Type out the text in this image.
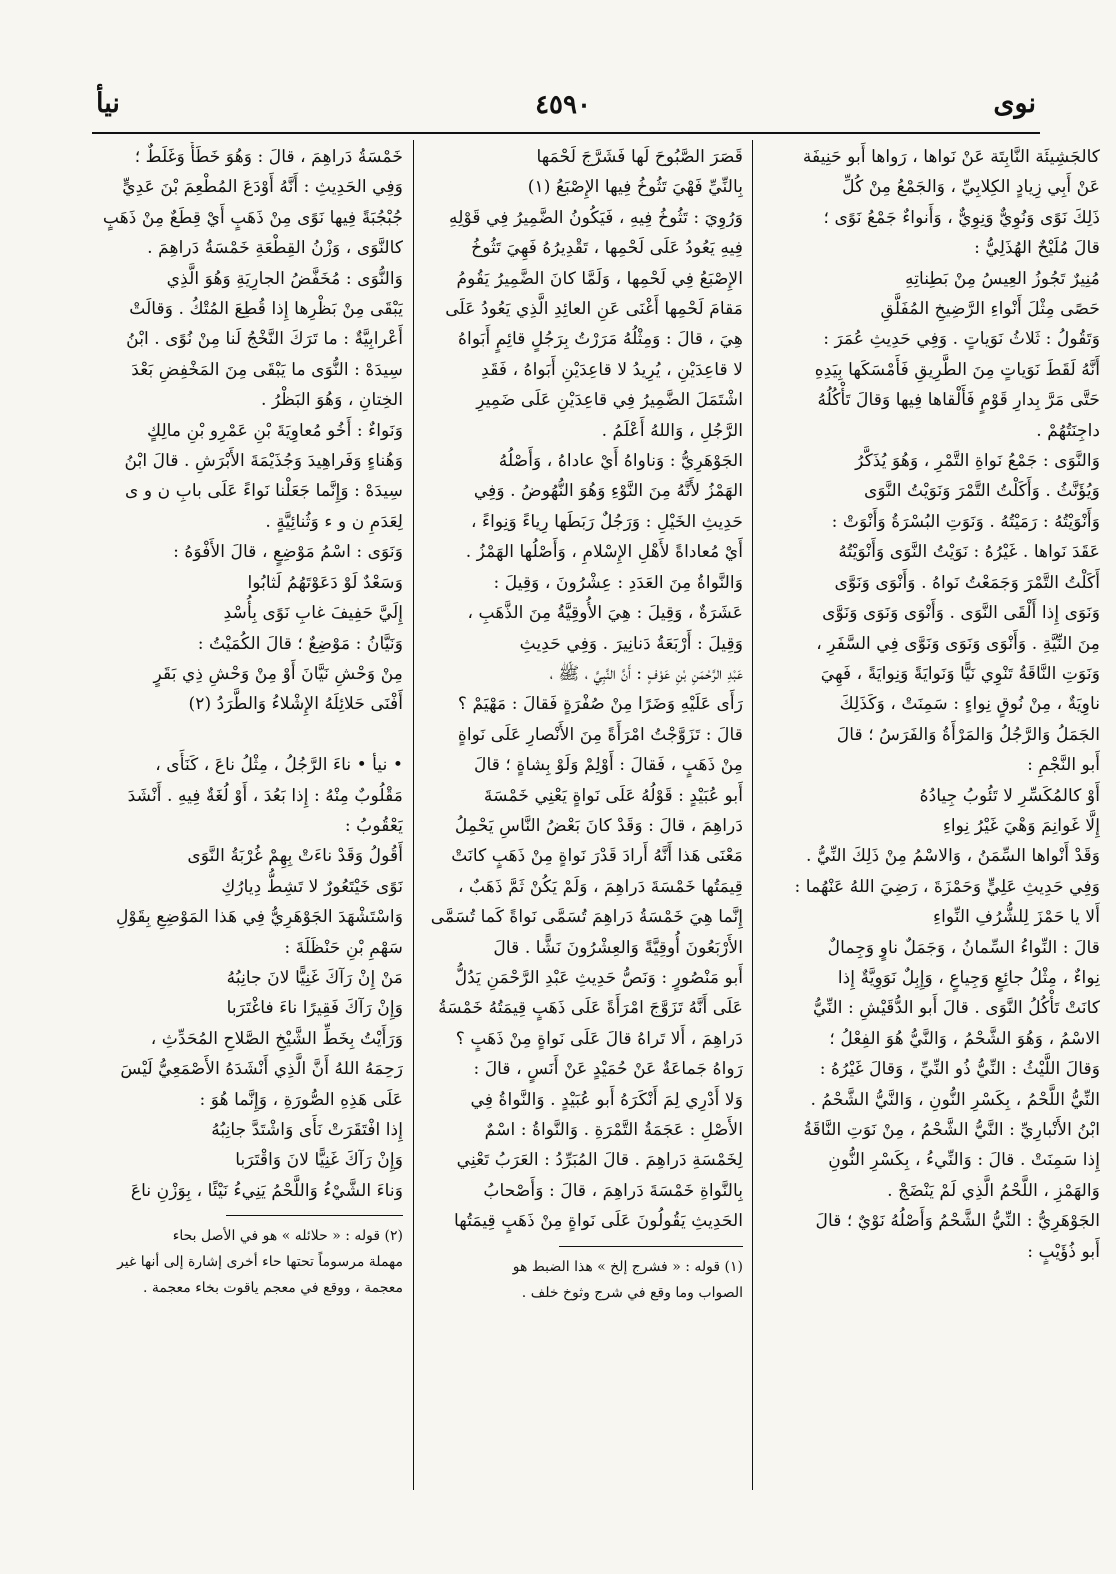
نيأ	٤٥٩٠	نوى

كالجَشِيئَة النَّابِتَة عَنْ نَواها ، رَواها أَبو حَنِيفَة
عَنْ أَبِي زِيادٍ الكِلابِيِّ ، وَالجَمْعُ مِنْ كُلِّ
ذَلِكَ نَوًى وَنُوِيٌّ وَنِوِيٌّ ، وَأَنواءٌ جَمْعُ نَوًى ؛
قالَ مُلَيْحٌ الهُذَلِيُّ :
مُنِيرٌ تَجُوزُ العِيسُ مِنْ بَطِناتِهِ
حَصًى مِثْلَ أَنْواءِ الرَّضِيخِ المُفَلَّقِ
وَتَقُولُ : ثَلاثُ نَوَياتٍ . وَفِي حَدِيثِ عُمَرَ :
أَنَّهُ لَقَطَ نَوَياتٍ مِنَ الطَّرِيقِ فَأَمْسَكَها بِيَدِهِ
حَتَّى مَرَّ بِدارِ قَوْمٍ فَأَلْقاها فِيها وَقالَ تَأْكُلُهُ
داجِنَتُهُمْ .
وَالنَّوَى : جَمْعُ نَواةِ التَّمْرِ ، وَهُوَ يُذَكَّرُ
وَيُؤَنَّثُ . وَأَكَلْتُ التَّمْرَ وَنَوَيْتُ النَّوَى
وَأَنْوَيْتُهُ : رَمَيْتُهُ . وَنَوَتِ البُسْرَةُ وَأَنْوَتْ :
عَقَدَ نَواها . غَيْرُهُ : نَوَيْتُ النَّوَى وَأَنْوَيْتُهُ
أَكَلْتُ التَّمْرَ وَجَمَعْتُ نَواهُ . وَأَنْوَى وَنَوَّى
وَنَوَى إِذا أَلْقَى النَّوَى . وَأَنْوَى وَنَوَى وَنَوَّى
مِنَ النِّيَّةِ . وَأَنْوَى وَنَوَى وَنَوَّى فِي السَّفَرِ ،
وَنَوَتِ النَّاقَةُ تَنْوِي نَيًّا وَنَوايَةً وَنِوايَةً ، فَهِيَ
ناوِيَةٌ ، مِنْ نُوقٍ نِواءٍ : سَمِنَتْ ، وَكَذَلِكَ
الجَمَلُ وَالرَّجُلُ وَالمَرْأَةُ وَالفَرَسُ ؛ قالَ
أَبو النَّجْمِ :
أَوْ كالمُكَسِّرِ لا تَئُوبُ جِيادُهُ
إِلَّا غَوانِمَ وَهْيَ غَيْرُ نِواءِ
وَقَدْ أَنْواها السِّمَنُ ، وَالاسْمُ مِنْ ذَلِكَ النِّيُّ .
وَفِي حَدِيثِ عَلِيٍّ وَحَمْزَةَ ، رَضِيَ اللهُ عَنْهُما :
أَلا يا حَمْزَ لِلشُّرُفِ النِّواءِ
قالَ : النِّواءُ السِّمانُ ، وَجَمَلٌ ناوٍ وَجِمالٌ
نِواءٌ ، مِثْلُ جائِعٍ وَجِياعٍ ، وَإِبِلٌ نَوَوِيَّةٌ إِذا
كانَتْ تَأْكُلُ النَّوَى . قالَ أَبو الدُّقَيْشِ : النِّيُّ
الاسْمُ ، وَهُوَ الشَّحْمُ ، وَالنَّيُّ هُوَ الفِعْلُ ؛
وَقالَ اللَّيْثُ : النِّيُّ ذُو النِّيِّ ، وَقالَ غَيْرُهُ :
النِّيُّ اللَّحْمُ ، بِكَسْرِ النُّونِ ، وَالنَّيُّ الشَّحْمُ .
ابْنُ الأَنْبارِيِّ : النَّيُّ الشَّحْمُ ، مِنْ نَوَتِ النَّاقَةُ
إِذا سَمِنَتْ . قالَ : وَالنِّيءُ ، بِكَسْرِ النُّونِ
وَالهَمْزِ ، اللَّحْمُ الَّذِي لَمْ يَنْضَجْ .
الجَوْهَرِيُّ : النِّيُّ الشَّحْمُ وَأَصْلُهُ نَوْيٌ ؛ قالَ
أَبو ذُؤَيْبٍ :

قَصَرَ الصَّبُوحَ لَها فَشَرَّجَ لَحْمَها
بِالنِّيِّ فَهْيَ تَثُوخُ فِيها الإِصْبَعُ (١)
وَرُوِيَ : تَثُوخُ فِيهِ ، فَيَكُونُ الضَّمِيرُ فِي قَوْلِهِ
فِيهِ يَعُودُ عَلَى لَحْمِها ، تَقْدِيرُهُ فَهِيَ تَثُوخُ
الإِصْبَعُ فِي لَحْمِها ، وَلَمَّا كانَ الضَّمِيرُ يَقُومُ
مَقامَ لَحْمِها أَغْنَى عَنِ العائِدِ الَّذِي يَعُودُ عَلَى
هِيَ ، قالَ : وَمِثْلُهُ مَرَرْتُ بِرَجُلٍ قائِمٍ أَبَواهُ
لا قاعِدَيْنِ ، يُرِيدُ لا قاعِدَيْنِ أَبَواهُ ، فَقَدِ
اشْتَمَلَ الضَّمِيرُ فِي قاعِدَيْنِ عَلَى ضَمِيرِ
الرَّجُلِ ، وَاللهُ أَعْلَمُ .
الجَوْهَرِيُّ : وَناواهُ أَيْ عاداهُ ، وَأَصْلُهُ
الهَمْزُ لأَنَّهُ مِنَ النَّوْءِ وَهُوَ النُّهُوضُ . وَفِي
حَدِيثِ الخَيْلِ : وَرَجُلٌ رَبَطَها رِياءً وَنِواءً ،
أَيْ مُعاداةً لأَهْلِ الإِسْلامِ ، وَأَصْلُها الهَمْزُ .
وَالنَّواةُ مِنَ العَدَدِ : عِشْرُونَ ، وَقِيلَ :
عَشَرَةٌ ، وَقِيلَ : هِيَ الأُوقِيَّةُ مِنَ الذَّهَبِ ،
وَقِيلَ : أَرْبَعَةُ دَنانِيرَ . وَفِي حَدِيثِ
عَبْدِ الرَّحْمَنِ بْنِ عَوْفٍ : أَنَّ النَّبِيَّ ، ﷺ ،
رَأَى عَلَيْهِ وَضَرًا مِنْ صُفْرَةٍ فَقالَ : مَهْيَمْ ؟
قالَ : تَزَوَّجْتُ امْرَأَةً مِنَ الأَنْصارِ عَلَى نَواةٍ
مِنْ ذَهَبٍ ، فَقالَ : أَوْلِمْ وَلَوْ بِشاةٍ ؛ قالَ
أَبو عُبَيْدٍ : قَوْلُهُ عَلَى نَواةٍ يَعْنِي خَمْسَةَ
دَراهِمَ ، قالَ : وَقَدْ كانَ بَعْضُ النَّاسِ يَحْمِلُ
مَعْنَى هَذا أَنَّهُ أَرادَ قَدْرَ نَواةٍ مِنْ ذَهَبٍ كانَتْ
قِيمَتُها خَمْسَةَ دَراهِمَ ، وَلَمْ يَكُنْ ثَمَّ ذَهَبٌ ،
إِنَّما هِيَ خَمْسَةُ دَراهِمَ تُسَمَّى نَواةً كَما تُسَمَّى
الأَرْبَعُونَ أُوقِيَّةً وَالعِشْرُونَ نَشًّا . قالَ
أَبو مَنْصُورٍ : وَنَصُّ حَدِيثِ عَبْدِ الرَّحْمَنِ يَدُلُّ
عَلَى أَنَّهُ تَزَوَّجَ امْرَأَةً عَلَى ذَهَبٍ قِيمَتُهُ خَمْسَةُ
دَراهِمَ ، أَلا تَراهُ قالَ عَلَى نَواةٍ مِنْ ذَهَبٍ ؟
رَواهُ جَماعَةٌ عَنْ حُمَيْدٍ عَنْ أَنَسٍ ، قالَ :
وَلا أَدْرِي لِمَ أَنْكَرَهُ أَبو عُبَيْدٍ . وَالنَّواةُ فِي
الأَصْلِ : عَجَمَةُ التَّمْرَةِ . وَالنَّواةُ : اسْمٌ
لِخَمْسَةِ دَراهِمَ . قالَ المُبَرِّدُ : العَرَبُ تَعْنِي
بِالنَّواةِ خَمْسَةَ دَراهِمَ ، قالَ : وَأَصْحابُ
الحَدِيثِ يَقُولُونَ عَلَى نَواةٍ مِنْ ذَهَبٍ قِيمَتُها

(١) قوله : « فشرج إلخ » هذا الضبط هو
الصواب وما وقع في شرج وثوخ خلف .

خَمْسَةُ دَراهِمَ ، قالَ : وَهُوَ خَطَأٌ وَغَلَطٌ ؛
وَفِي الحَدِيثِ : أَنَّهُ أَوْدَعَ المُطْعِمَ بْنَ عَدِيٍّ
جُبْجُبَةً فِيها نَوًى مِنْ ذَهَبٍ أَيْ قِطَعٌ مِنْ ذَهَبٍ
كالنَّوَى ، وَزْنُ القِطْعَةِ خَمْسَةُ دَراهِمَ .
وَالنُّوَى : مُخَفَّضُ الجارِيَةِ وَهُوَ الَّذِي
يَبْقَى مِنْ بَظْرِها إِذا قُطِعَ المُتْكُ . وَقالَتْ
أَعْرابِيَّةٌ : ما تَرَكَ النَّخْجُ لَنا مِنْ نُوًى . ابْنُ
سِيدَهْ : النُّوَى ما يَبْقَى مِنَ المَخْفِضِ بَعْدَ
الخِتانِ ، وَهُوَ البَظْرُ .
وَنَواءٌ : أَخُو مُعاوِيَةَ بْنِ عَمْرِو بْنِ مالِكٍ
وَهُناءٍ وَفَراهِيدَ وَجُذَيْمَةَ الأَبْرَشِ . قالَ ابْنُ
سِيدَهْ : وَإِنَّما جَعَلْنا نَواءً عَلَى بابِ ن و ى
لِعَدَمِ ن و ء وَثُنائِيَّةٍ .
وَنَوَى : اسْمُ مَوْضِعٍ ، قالَ الأَفْوَهُ :
وَسَعْدٌ لَوْ دَعَوْتَهُمُ لَثابُوا
إِلَيَّ حَفِيفَ غابِ نَوًى بِأُسْدِ
وَنَيَّانُ : مَوْضِعٌ ؛ قالَ الكُمَيْتُ :
مِنْ وَحْشِ نَيَّانَ أَوْ مِنْ وَحْشِ ذِي بَقَرٍ
أَفْنَى حَلائِلَهُ الإِشْلاءُ وَالطَّرَدُ (٢)

• نيأ • ناءَ الرَّجُلُ ، مِثْلُ ناعَ ، كَنَأَى ،
مَقْلُوبٌ مِنْهُ : إِذا بَعُدَ ، أَوْ لُغَةٌ فِيهِ . أَنْشَدَ
يَعْقُوبُ :
أَقُولُ وَقَدْ ناءَتْ بِهِمْ غُرْبَةُ النَّوَى
نَوًى خَيْتَعُورٌ لا تَشِطُّ دِيارُكِ
وَاسْتَشْهَدَ الجَوْهَرِيُّ فِي هَذا المَوْضِعِ بِقَوْلِ
سَهْمِ بْنِ حَنْظَلَةَ :
مَنْ إِنْ رَآكَ غَنِيًّا لانَ جانِبُهُ
وَإِنْ رَآكَ فَقِيرًا ناءَ فاغْتَرَبا
وَرَأَيْتُ بِخَطِّ الشَّيْخِ الصَّلاحِ المُحَدِّثِ ،
رَحِمَهُ اللهُ أَنَّ الَّذِي أَنْشَدَهُ الأَصْمَعِيُّ لَيْسَ
عَلَى هَذِهِ الصُّورَةِ ، وَإِنَّما هُوَ :
إِذا افْتَقَرَتْ نَأَى وَاشْتَدَّ جانِبُهُ
وَإِنْ رَآكَ غَنِيًّا لانَ وَاقْتَرَبا
وَناءَ الشَّيْءُ وَاللَّحْمُ يَنِيءُ نَيْئًا ، بِوَزْنِ ناعَ

(٢) قوله : « حلائله » هو في الأصل بحاء
مهملة مرسوماً تحتها حاء أخرى إشارة إلى أنها غير
معجمة ، ووقع في معجم ياقوت بخاء معجمة .
